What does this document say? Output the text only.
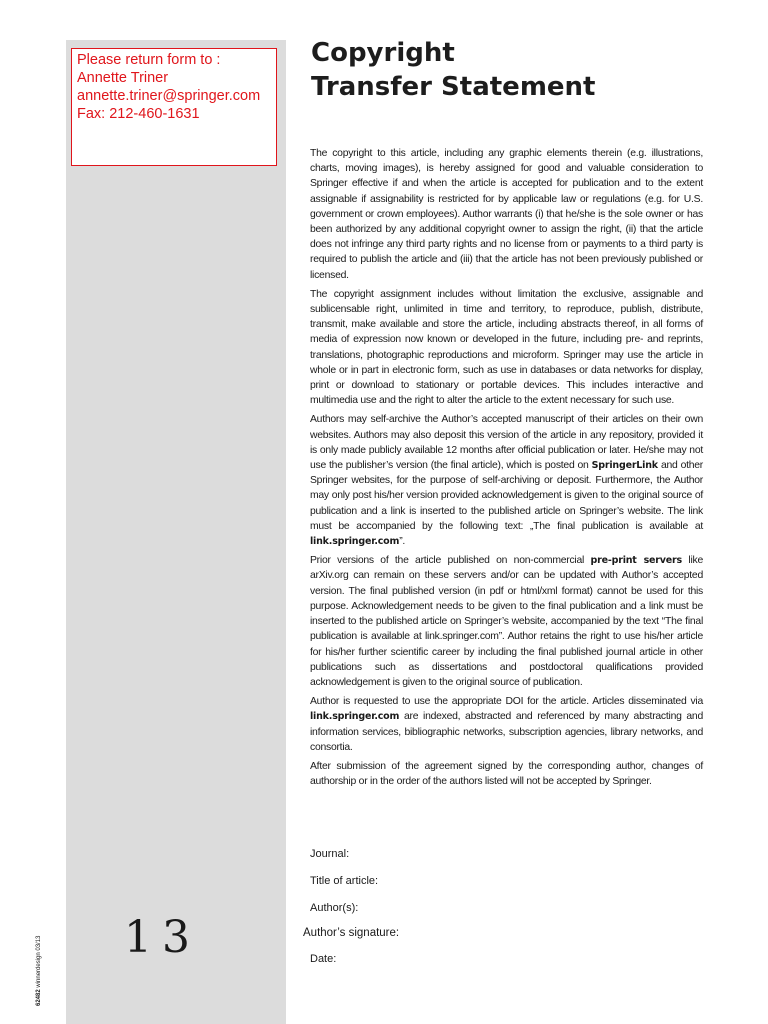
Please return form to :
Annette Triner
annette.triner@springer.com
Fax: 212-460-1631
Copyright
Transfer Statement

The copyright to this article, including any graphic elements therein (e.g. illustrations, charts, moving images), is hereby assigned for good and valuable consideration to Springer effective if and when the article is accepted for publication and to the extent assignable if assignability is restricted for by applicable law or regulations (e.g. for U.S. government or crown employees). Author warrants (i) that he/she is the sole owner or has been authorized by any additional copyright owner to assign the right, (ii) that the article does not infringe any third party rights and no license from or payments to a third party is required to publish the article and (iii) that the article has not been previously published or licensed.

The copyright assignment includes without limitation the exclusive, assignable and sublicensable right, unlimited in time and territory, to reproduce, publish, distribute, transmit, make available and store the article, including abstracts thereof, in all forms of media of expression now known or developed in the future, including pre- and reprints, translations, photographic reproductions and microform. Springer may use the article in whole or in part in electronic form, such as use in databases or data networks for display, print or download to stationary or portable devices. This includes interactive and multimedia use and the right to alter the article to the extent necessary for such use.

Authors may self-archive the Author’s accepted manuscript of their articles on their own websites. Authors may also deposit this version of the article in any repository, provided it is only made publicly available 12 months after official publication or later. He/she may not use the publisher’s version (the final article), which is posted on SpringerLink and other Springer websites, for the purpose of self-archiving or deposit. Furthermore, the Author may only post his/her version provided acknowledgement is given to the original source of publication and a link is inserted to the published article on Springer’s website. The link must be accompanied by the following text: „The final publication is available at link.springer.com”.

Prior versions of the article published on non-commercial pre-print servers like arXiv.org can remain on these servers and/or can be updated with Author’s accepted version. The final published version (in pdf or html/xml format) cannot be used for this purpose. Acknowledgement needs to be given to the final publication and a link must be inserted to the published article on Springer’s website, accompanied by the text “The final publication is available at link.springer.com”. Author retains the right to use his/her article for his/her further scientific career by including the final published journal article in other publications such as dissertations and postdoctoral qualifications provided acknowledgement is given to the original source of publication.

Author is requested to use the appropriate DOI for the article. Articles disseminated via link.springer.com are indexed, abstracted and referenced by many abstracting and information services, bibliographic networks, subscription agencies, library networks, and consortia.

After submission of the agreement signed by the corresponding author, changes of authorship or in the order of the authors listed will not be accepted by Springer.

Journal:
Title of article:
Author(s):
Author’s signature:
Date:
13
62482 winnerdesign 03/13
